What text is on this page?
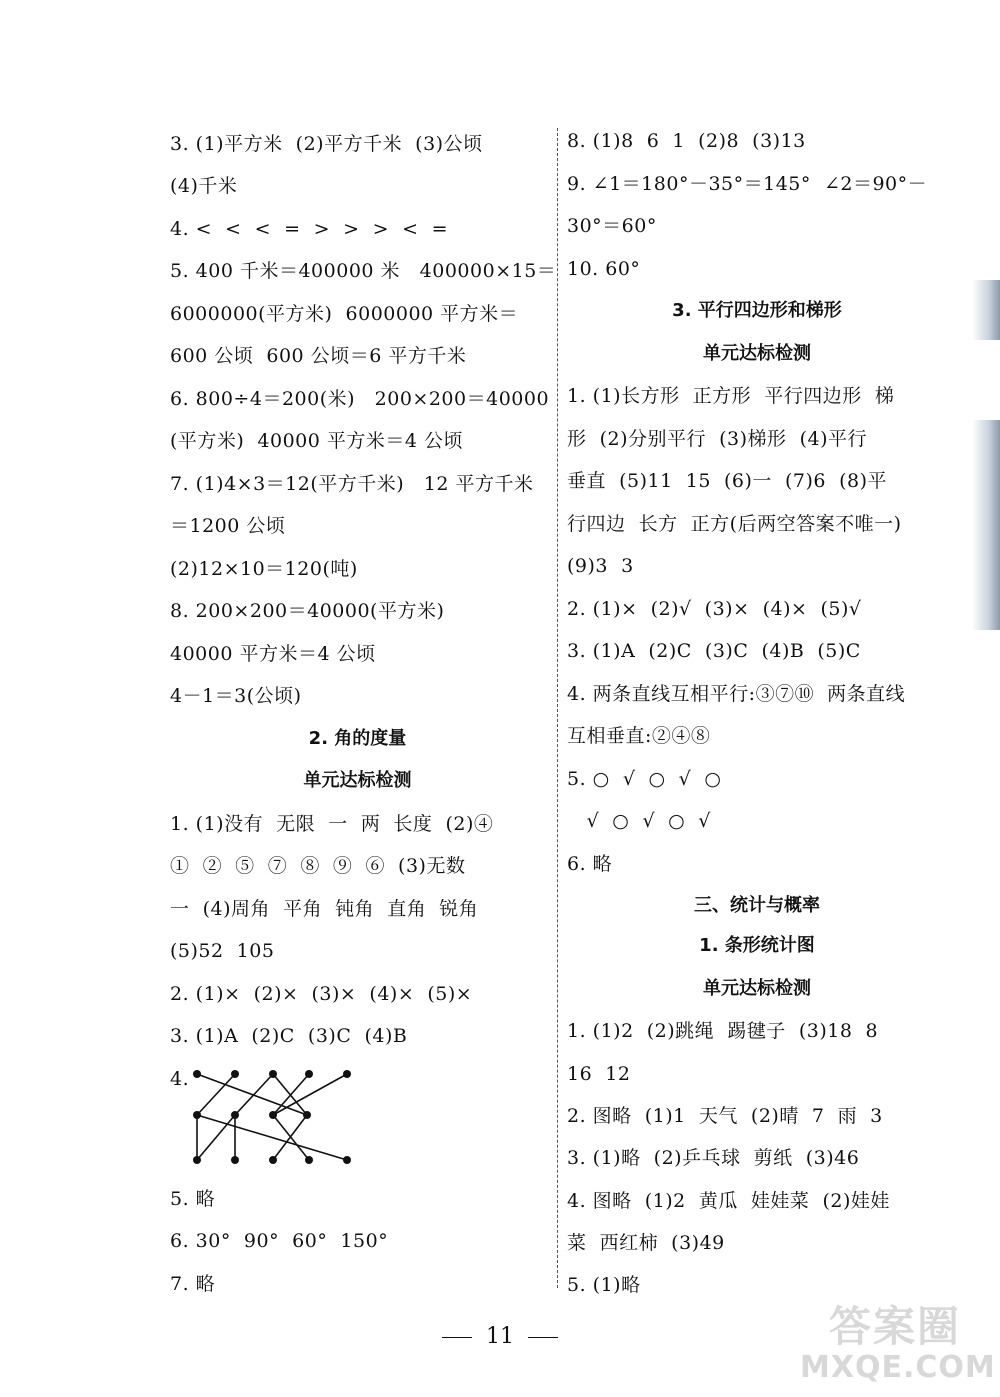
3. (1)平方米  (2)平方千米  (3)公顷
(4)千米
4. <  <  <  =  >  >  >  <  =
5. 400 千米＝400000 米   400000×15＝
6000000(平方米)  6000000 平方米＝
600 公顷  600 公顷＝6 平方千米
6. 800÷4＝200(米)   200×200＝40000
(平方米)  40000 平方米＝4 公顷
7. (1)4×3＝12(平方千米)   12 平方千米
＝1200 公顷
(2)12×10＝120(吨)
8. 200×200＝40000(平方米)
40000 平方米＝4 公顷
4－1＝3(公顷)
2. 角的度量
单元达标检测
1. (1)没有  无限  一  两  长度  (2)④
①  ②  ⑤  ⑦  ⑧  ⑨  ⑥  (3)无数
一  (4)周角  平角  钝角  直角  锐角
(5)52  105
2. (1)×  (2)×  (3)×  (4)×  (5)×
3. (1)A  (2)C  (3)C  (4)B
4.
5. 略
6. 30°  90°  60°  150°
7. 略
8. (1)8  6  1  (2)8  (3)13
9. ∠1＝180°－35°＝145°  ∠2＝90°－
30°＝60°
10. 60°
3. 平行四边形和梯形
单元达标检测
1. (1)长方形  正方形  平行四边形  梯
形  (2)分别平行  (3)梯形  (4)平行
垂直  (5)11  15  (6)一  (7)6  (8)平
行四边  长方  正方(后两空答案不唯一)
(9)3  3
2. (1)×  (2)√  (3)×  (4)×  (5)√
3. (1)A  (2)C  (3)C  (4)B  (5)C
4. 两条直线互相平行:③⑦⑩  两条直线
互相垂直:②④⑧
5. ○  √  ○  √  ○
√  ○  √  ○  √
6. 略
三、统计与概率
1. 条形统计图
单元达标检测
1. (1)2  (2)跳绳  踢毽子  (3)18  8
16  12
2. 图略  (1)1  天气  (2)晴  7  雨  3
3. (1)略  (2)乒乓球  剪纸  (3)46
4. 图略  (1)2  黄瓜  娃娃菜  (2)娃娃
菜  西红柿  (3)49
5. (1)略
11	答案圈
MXQE.COM
